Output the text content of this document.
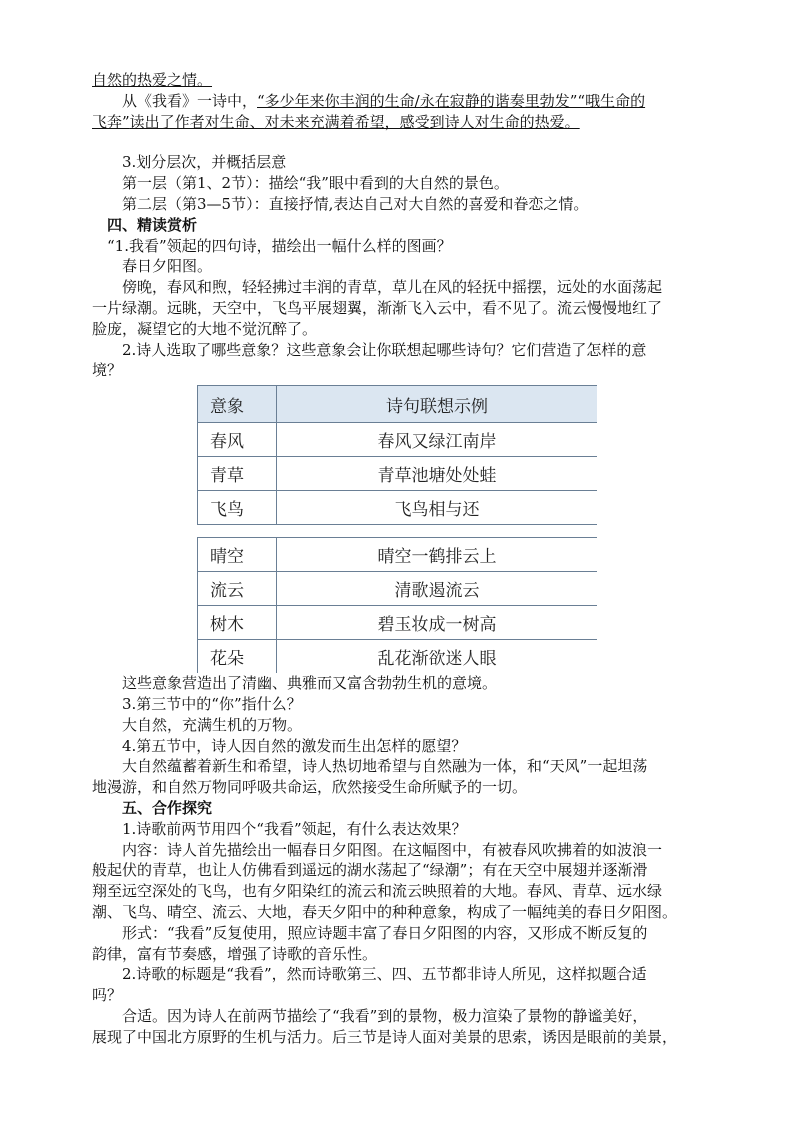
自然的热爱之情。

从《我看》一诗中，“多少年来你丰润的生命/永在寂静的谐奏里勃发”“哦生命的

飞奔”读出了作者对生命、对未来充满着希望，感受到诗人对生命的热爱。

3.划分层次，并概括层意

第一层（第1、2节）：描绘“我”眼中看到的大自然的景色。

第二层（第3—5节）：直接抒情,表达自己对大自然的喜爱和眷恋之情。

四、精读赏析

“1.我看”领起的四句诗，描绘出一幅什么样的图画？

春日夕阳图。

傍晚，春风和煦，轻轻拂过丰润的青草，草儿在风的轻抚中摇摆，远处的水面荡起

一片绿潮。远眺，天空中，飞鸟平展翅翼，渐渐飞入云中，看不见了。流云慢慢地红了

脸庞，凝望它的大地不觉沉醉了。

2.诗人选取了哪些意象？这些意象会让你联想起哪些诗句？它们营造了怎样的意

境？

意象	诗句联想示例
春风	春风又绿江南岸
青草	青草池塘处处蛙
飞鸟	飞鸟相与还
晴空	晴空一鹤排云上
流云	清歌遏流云
树木	碧玉妆成一树高
花朵	乱花渐欲迷人眼

这些意象营造出了清幽、典雅而又富含勃勃生机的意境。

3.第三节中的“你”指什么？

大自然，充满生机的万物。

4.第五节中，诗人因自然的激发而生出怎样的愿望？

大自然蕴蓄着新生和希望，诗人热切地希望与自然融为一体，和“天风”一起坦荡

地漫游，和自然万物同呼吸共命运，欣然接受生命所赋予的一切。

五、合作探究

1.诗歌前两节用四个“我看”领起，有什么表达效果？

内容：诗人首先描绘出一幅春日夕阳图。在这幅图中，有被春风吹拂着的如波浪一

般起伏的青草，也让人仿佛看到遥远的湖水荡起了“绿潮”；有在天空中展翅并逐渐滑

翔至远空深处的飞鸟，也有夕阳染红的流云和流云映照着的大地。春风、青草、远水绿

潮、飞鸟、晴空、流云、大地，春天夕阳中的种种意象，构成了一幅纯美的春日夕阳图。

形式：“我看”反复使用，照应诗题丰富了春日夕阳图的内容，又形成不断反复的

韵律，富有节奏感，增强了诗歌的音乐性。

2.诗歌的标题是“我看”，然而诗歌第三、四、五节都非诗人所见，这样拟题合适

吗？

合适。因为诗人在前两节描绘了“我看”到的景物，极力渲染了景物的静谧美好，

展现了中国北方原野的生机与活力。后三节是诗人面对美景的思索，诱因是眼前的美景，
